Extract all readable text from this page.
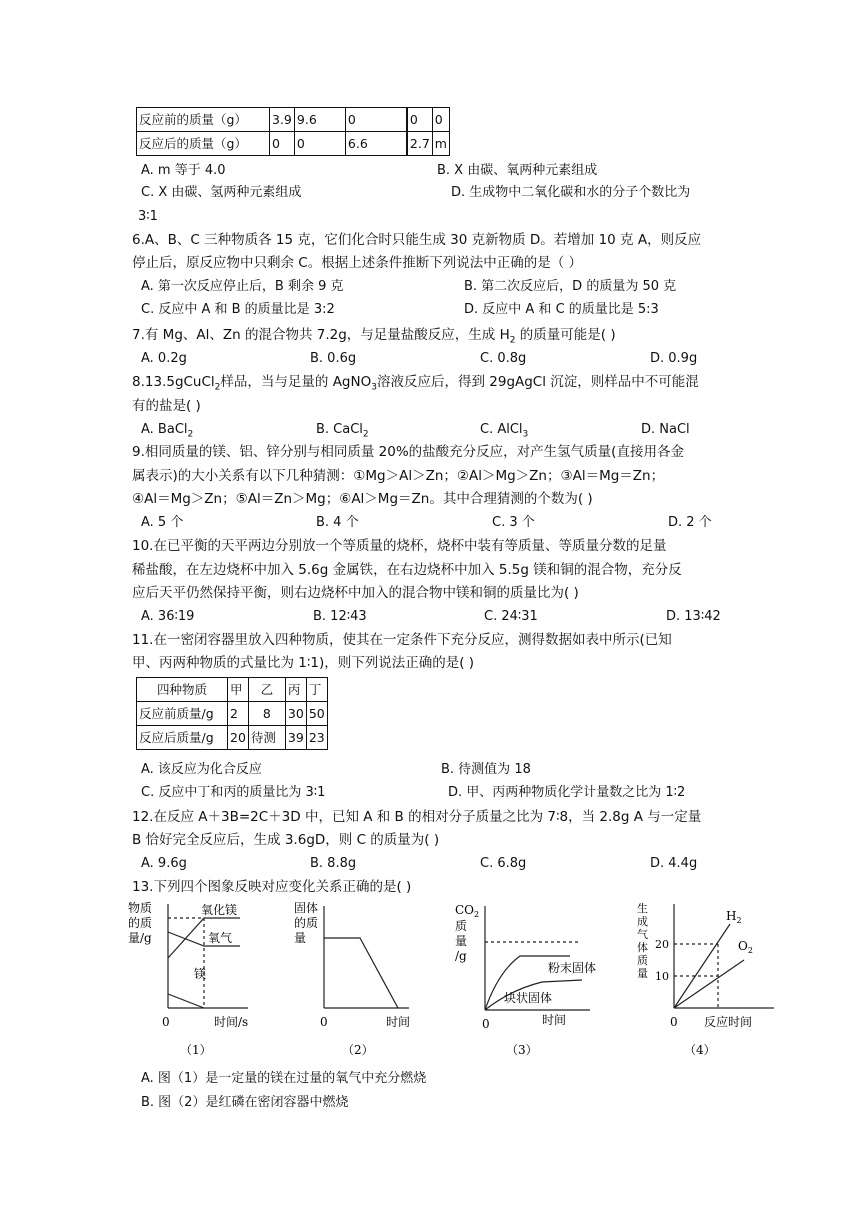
反应前的质量（g）	3.9	9.6	0		0	0
反应后的质量（g）	0	0	6.6		2.7	m
A. m 等于 4.0	B. X 由碳、氧两种元素组成
C. X 由碳、氢两种元素组成	D. 生成物中二氧化碳和水的分子个数比为
3∶1
6.A、B、C 三种物质各 15 克，它们化合时只能生成 30 克新物质 D。若增加 10 克 A，则反应
停止后，原反应物中只剩余 C。根据上述条件推断下列说法中正确的是（ ）
A. 第一次反应停止后，B 剩余 9 克	B. 第二次反应后，D 的质量为 50 克
C. 反应中 A 和 B 的质量比是 3:2	D. 反应中 A 和 C 的质量比是 5:3
7.有 Mg、Al、Zn 的混合物共 7.2g，与足量盐酸反应，生成 $H_2$ 的质量可能是( )
A. 0.2g	B. 0.6g	C. 0.8g	D. 0.9g
8.13.5gCuCl$_2$样品，当与足量的 AgNO$_3$溶液反应后，得到 29gAgCl 沉淀，则样品中不可能混
有的盐是( )
A. BaCl$_2$	B. CaCl$_2$	C. AlCl$_3$	D. NaCl
9.相同质量的镁、铝、锌分别与相同质量 20%的盐酸充分反应，对产生氢气质量(直接用各金
属表示)的大小关系有以下几种猜测：①Mg＞Al＞Zn；②Al＞Mg＞Zn；③Al＝Mg＝Zn；
④Al＝Mg＞Zn；⑤Al＝Zn＞Mg；⑥Al＞Mg＝Zn。其中合理猜测的个数为( )
A. 5 个	B. 4 个	C. 3 个	D. 2 个
10.在已平衡的天平两边分别放一个等质量的烧杯，烧杯中装有等质量、等质量分数的足量
稀盐酸，在左边烧杯中加入 5.6g 金属铁，在右边烧杯中加入 5.5g 镁和铜的混合物，充分反
应后天平仍然保持平衡，则右边烧杯中加入的混合物中镁和铜的质量比为( )
A. 36∶19	B. 12∶43	C. 24∶31	D. 13∶42
11.在一密闭容器里放入四种物质，使其在一定条件下充分反应，测得数据如表中所示(已知
甲、丙两种物质的式量比为 1∶1)，则下列说法正确的是( )
四种物质	甲	乙	丙	丁
反应前质量/g	2	8	30	50
反应后质量/g	20	待测	39	23
A. 该反应为化合反应	B. 待测值为 18
C. 反应中丁和丙的质量比为 3∶1	D. 甲、丙两种物质化学计量数之比为 1∶2
12.在反应 A＋3B=2C＋3D 中，已知 A 和 B 的相对分子质量之比为 7∶8，当 2.8g A 与一定量
B 恰好完全反应后，生成 3.6gD，则 C 的质量为( )
A. 9.6g	B. 8.8g	C. 6.8g	D. 4.4g
13.下列四个图象反映对应变化关系正确的是( )
物质
的质
量/g
氧化镁
氧气
镁
0	时间/s
（1）
固体
的质
量
0	时间
（2）
$CO_2$
质
量
/g
粉末固体
块状固体
0	时间
（3）
生
成
气
体
质
量
20
10
$H_2$
$O_2$
0 反应时间
（4）
A. 图（1）是一定量的镁在过量的氧气中充分燃烧
B. 图（2）是红磷在密闭容器中燃烧
